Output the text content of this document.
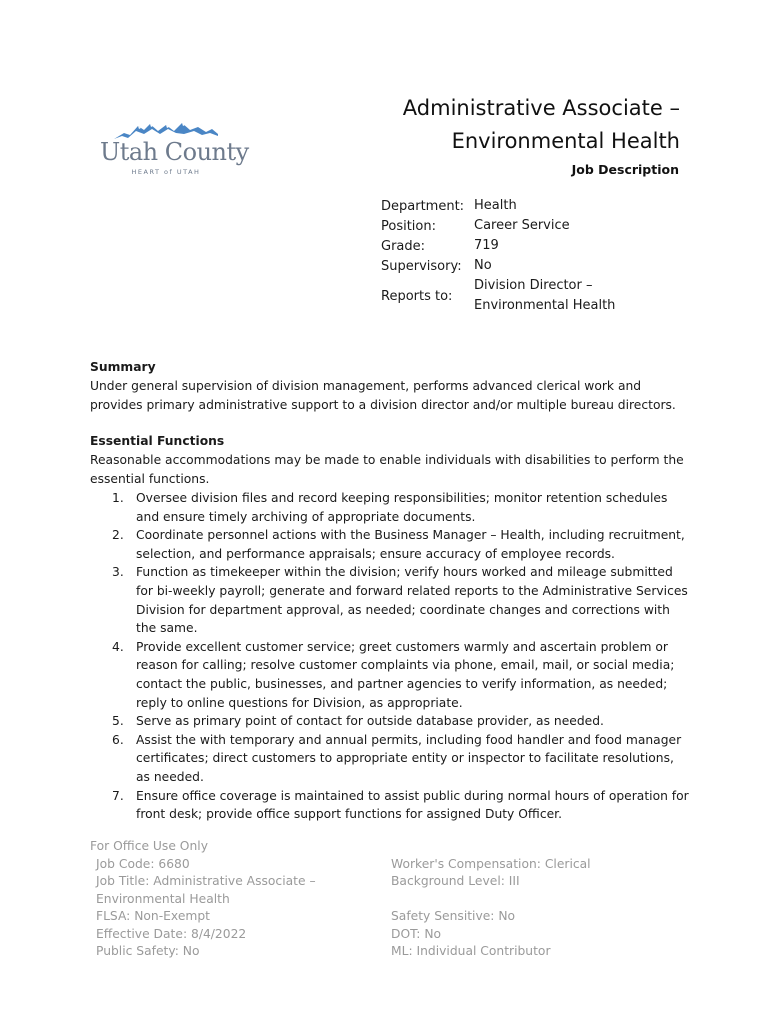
Utah County
HEART of UTAH
Administrative Associate –
Environmental Health
Job Description
Department: Health
Position:	Career Service
Grade:	719
Supervisory: No
Reports to:
Division Director – Environmental Health
Summary

Under general supervision of division management, performs advanced clerical work and provides primary administrative support to a division director and/or multiple bureau directors.

Essential Functions

Reasonable accommodations may be made to enable individuals with disabilities to perform the essential functions.

1. Oversee division files and record keeping responsibilities; monitor retention schedules and ensure timely archiving of appropriate documents.
2. Coordinate personnel actions with the Business Manager – Health, including recruitment, selection, and performance appraisals; ensure accuracy of employee records.
3. Function as timekeeper within the division; verify hours worked and mileage submitted for bi-weekly payroll; generate and forward related reports to the Administrative Services Division for department approval, as needed; coordinate changes and corrections with the same.
4. Provide excellent customer service; greet customers warmly and ascertain problem or reason for calling; resolve customer complaints via phone, email, mail, or social media; contact the public, businesses, and partner agencies to verify information, as needed; reply to online questions for Division, as appropriate.
5. Serve as primary point of contact for outside database provider, as needed.
6. Assist the with temporary and annual permits, including food handler and food manager certificates; direct customers to appropriate entity or inspector to facilitate resolutions, as needed.
7. Ensure office coverage is maintained to assist public during normal hours of operation for front desk; provide office support functions for assigned Duty Officer.
For Office Use Only
Job Code: 6680
Job Title: Administrative Associate –
Environmental Health
FLSA: Non-Exempt
Effective Date: 8/4/2022
Public Safety: No
Worker's Compensation: Clerical
Background Level: III
Safety Sensitive: No
DOT: No
ML: Individual Contributor
